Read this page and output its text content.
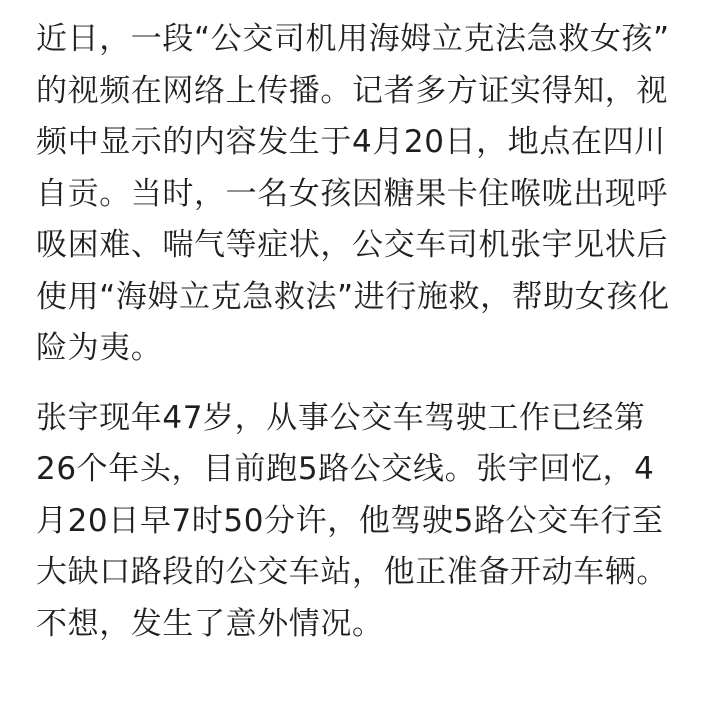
近日，一段“公交司机用海姆立克法急救女孩”
的视频在网络上传播。记者多方证实得知，视
频中显示的内容发生于4月20日，地点在四川
自贡。当时，一名女孩因糖果卡住喉咙出现呼
吸困难、喘气等症状，公交车司机张宇见状后
使用“海姆立克急救法”进行施救，帮助女孩化
险为夷。
张宇现年47岁，从事公交车驾驶工作已经第
26个年头，目前跑5路公交线。张宇回忆，4
月20日早7时50分许，他驾驶5路公交车行至
大缺口路段的公交车站，他正准备开动车辆。
不想，发生了意外情况。
